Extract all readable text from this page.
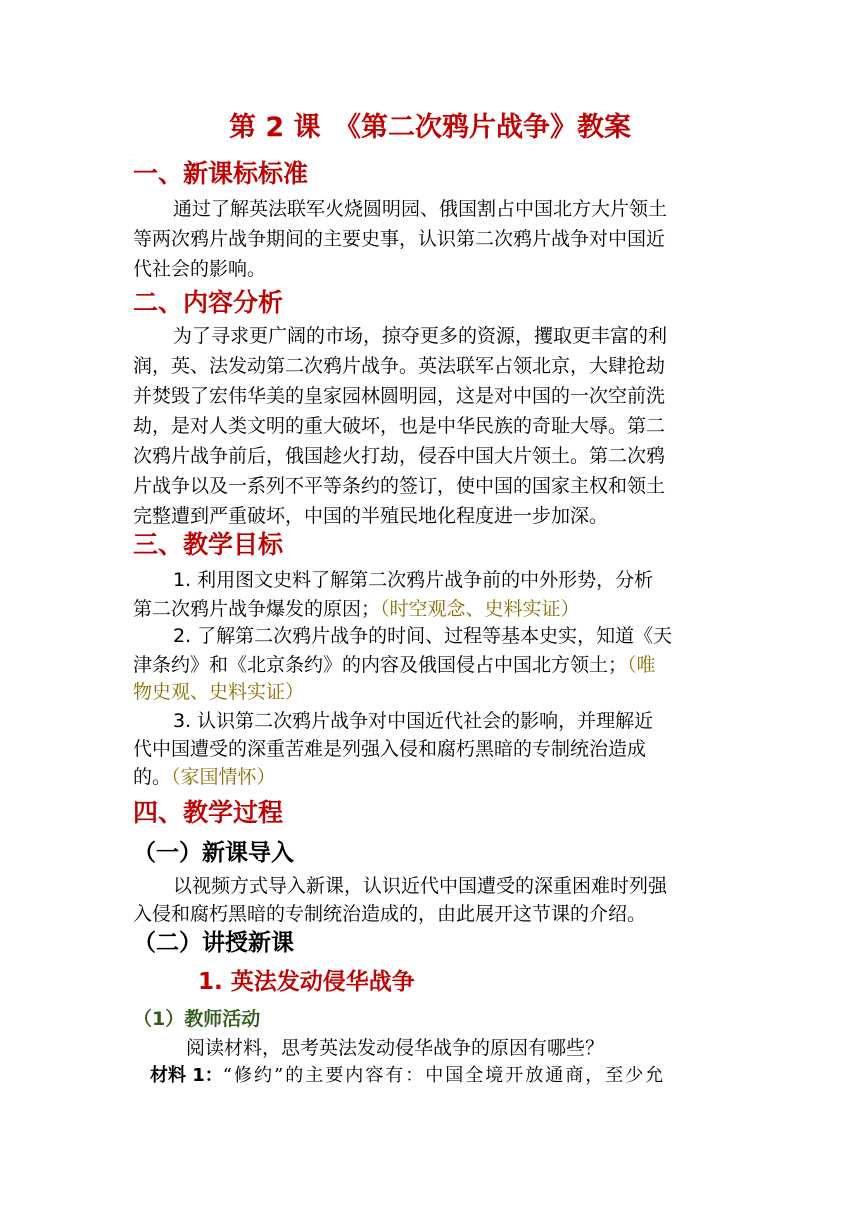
第 2 课　《第二次鸦片战争》教案
一、新课标标准
通过了解英法联军火烧圆明园、俄国割占中国北方大片领土
等两次鸦片战争期间的主要史事，认识第二次鸦片战争对中国近
代社会的影响。
二、内容分析
为了寻求更广阔的市场，掠夺更多的资源，攫取更丰富的利
润，英、法发动第二次鸦片战争。英法联军占领北京，大肆抢劫
并焚毁了宏伟华美的皇家园林圆明园，这是对中国的一次空前洗
劫，是对人类文明的重大破坏，也是中华民族的奇耻大辱。第二
次鸦片战争前后，俄国趁火打劫，侵吞中国大片领土。第二次鸦
片战争以及一系列不平等条约的签订，使中国的国家主权和领土
完整遭到严重破坏，中国的半殖民地化程度进一步加深。
三、教学目标
1. 利用图文史料了解第二次鸦片战争前的中外形势，分析
第二次鸦片战争爆发的原因；（时空观念、史料实证）
2. 了解第二次鸦片战争的时间、过程等基本史实，知道《天
津条约》和《北京条约》的内容及俄国侵占中国北方领土；（唯
物史观、史料实证）
3. 认识第二次鸦片战争对中国近代社会的影响，并理解近
代中国遭受的深重苦难是列强入侵和腐朽黑暗的专制统治造成
的。（家国情怀）
四、教学过程
（一）新课导入
以视频方式导入新课，认识近代中国遭受的深重困难时列强
入侵和腐朽黑暗的专制统治造成的，由此展开这节课的介绍。
（二）讲授新课
1. 英法发动侵华战争
（1）教师活动
阅读材料，思考英法发动侵华战争的原因有哪些？
材料 1：“修约”的主要内容有：中国全境开放通商，至少允
